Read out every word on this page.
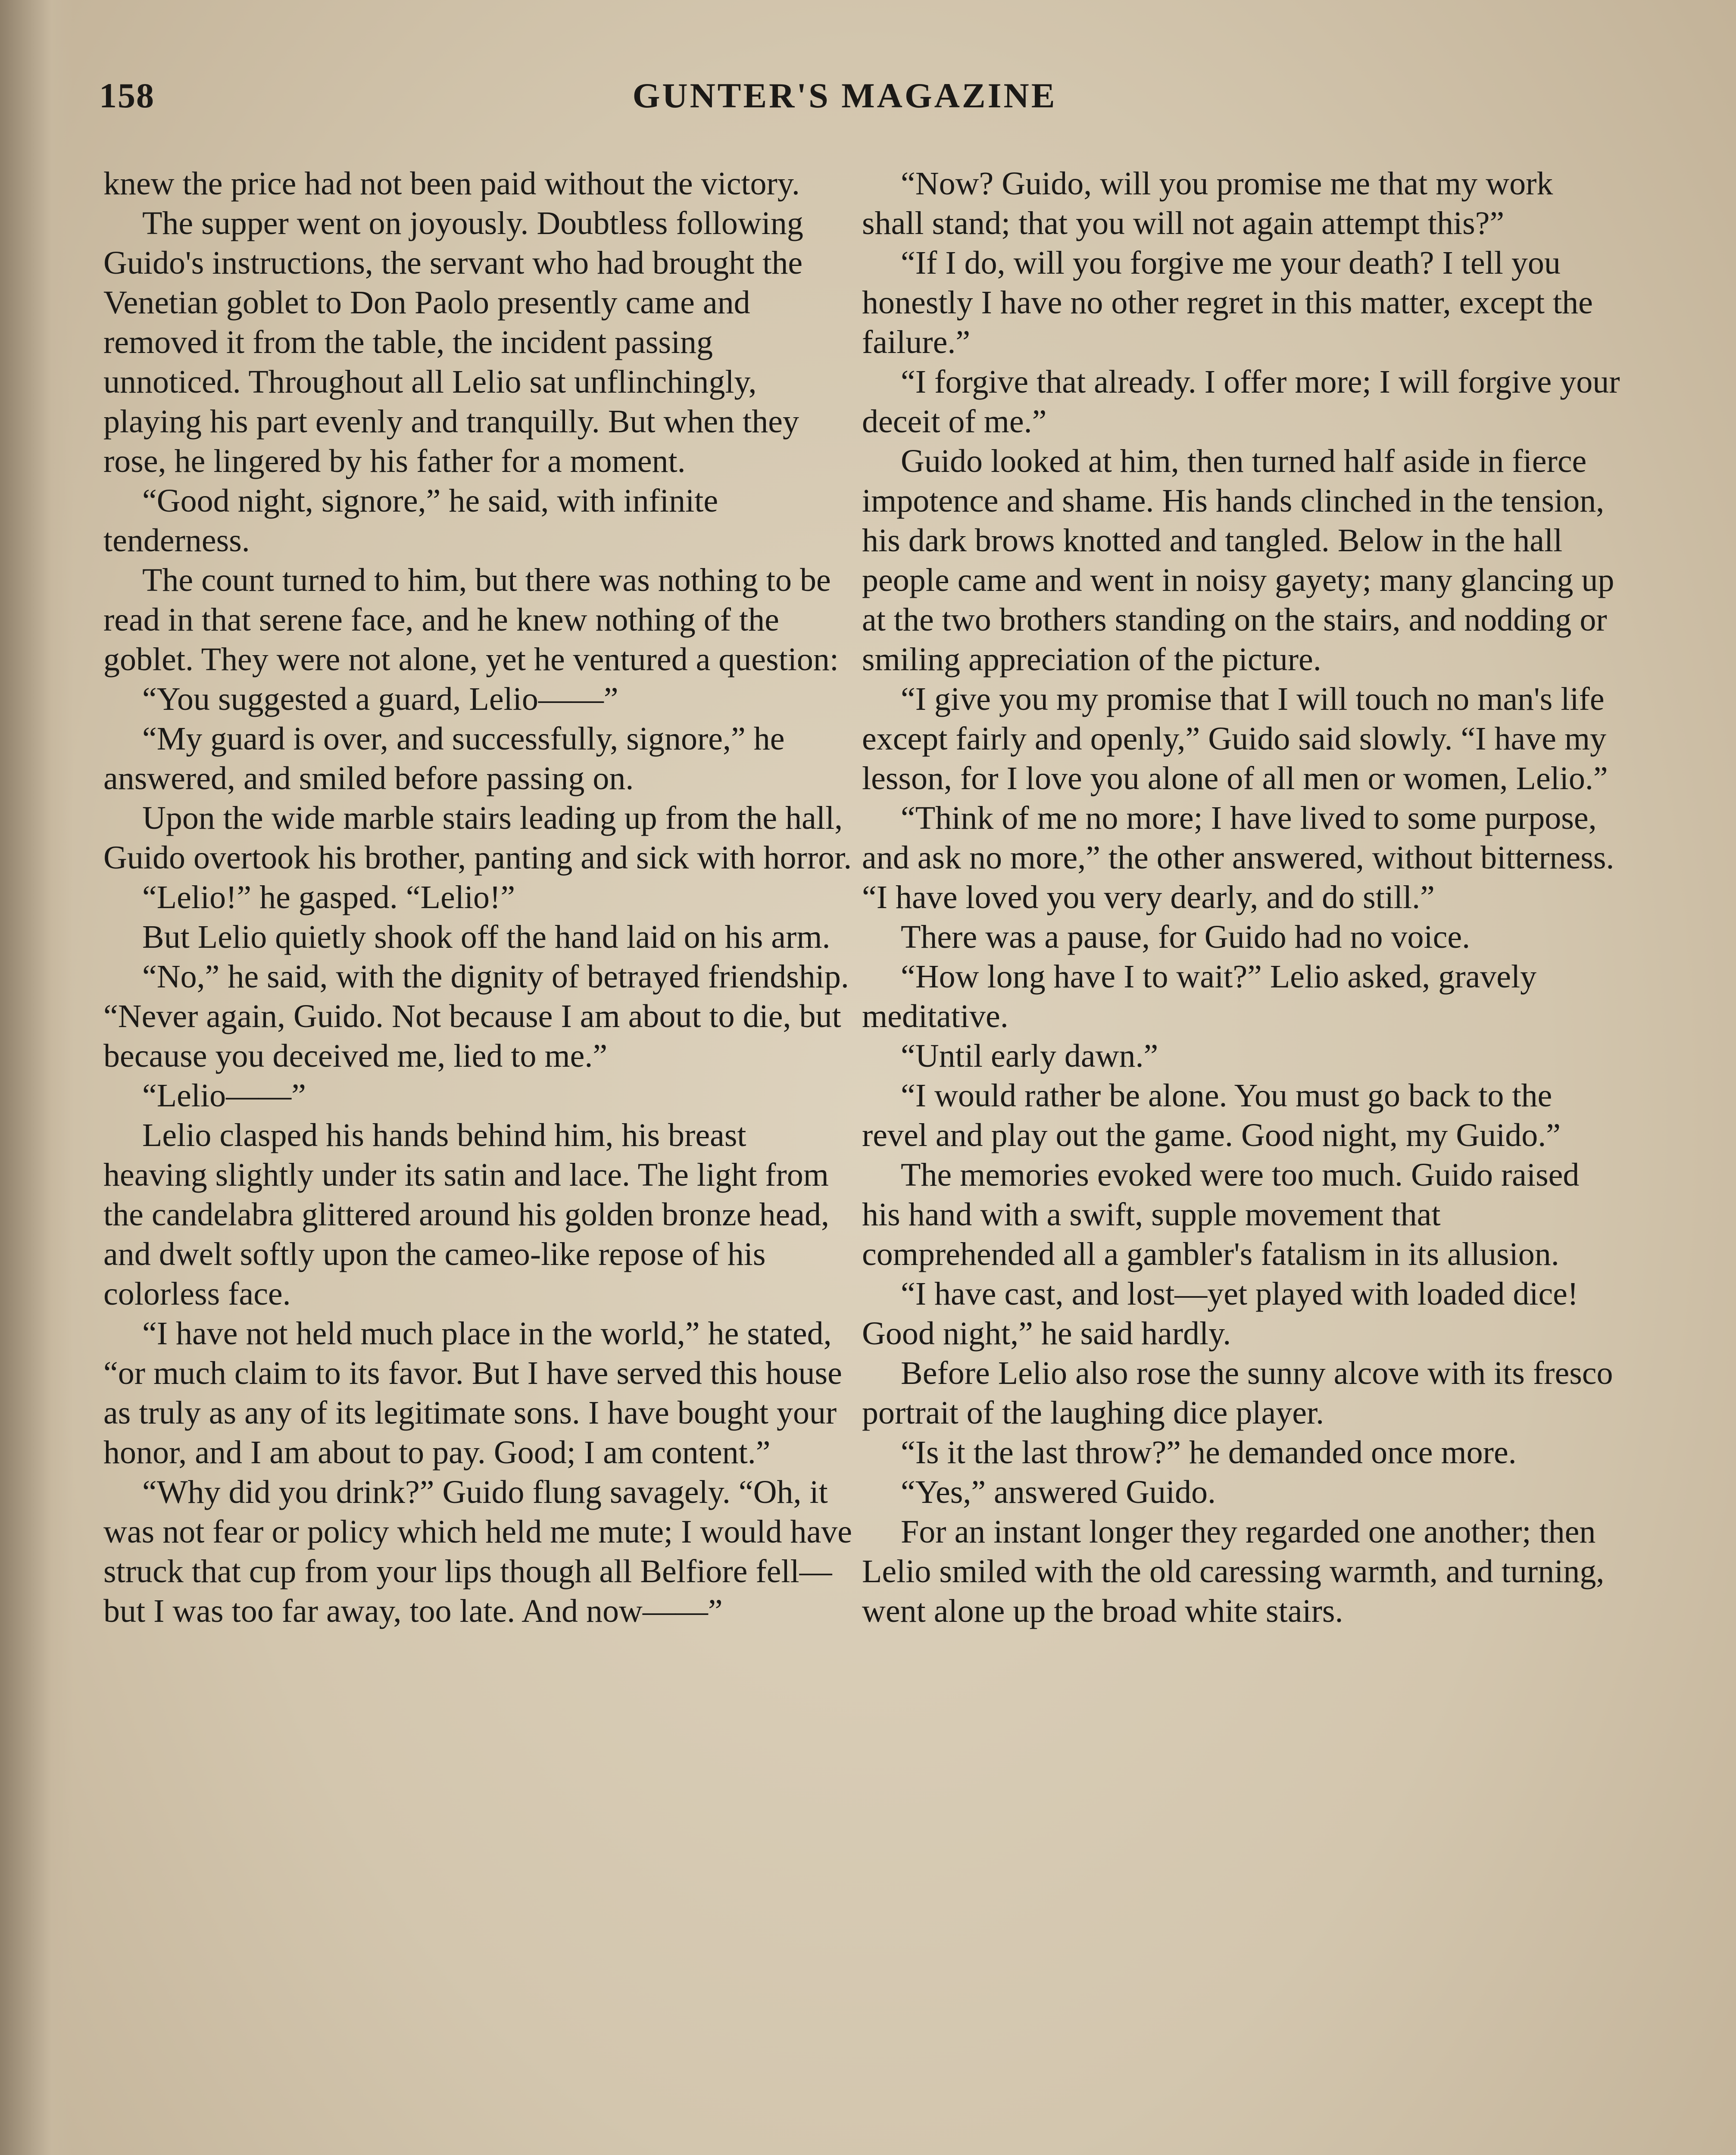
158	GUNTER'S MAGAZINE

knew the price had not been paid without the victory.

The supper went on joyously. Doubtless following Guido's instructions, the servant who had brought the Venetian goblet to Don Paolo presently came and removed it from the table, the incident passing unnoticed. Throughout all Lelio sat unflinchingly, playing his part evenly and tranquilly. But when they rose, he lingered by his father for a moment.

“Good night, signore,” he said, with infinite tenderness.

The count turned to him, but there was nothing to be read in that serene face, and he knew nothing of the goblet. They were not alone, yet he ventured a question:

“You suggested a guard, Lelio——”

“My guard is over, and successfully, signore,” he answered, and smiled before passing on.

Upon the wide marble stairs leading up from the hall, Guido overtook his brother, panting and sick with horror.

“Lelio!” he gasped. “Lelio!”

But Lelio quietly shook off the hand laid on his arm.

“No,” he said, with the dignity of betrayed friendship. “Never again, Guido. Not because I am about to die, but because you deceived me, lied to me.”

“Lelio——”

Lelio clasped his hands behind him, his breast heaving slightly under its satin and lace. The light from the candelabra glittered around his golden bronze head, and dwelt softly upon the cameo-like repose of his colorless face.

“I have not held much place in the world,” he stated, “or much claim to its favor. But I have served this house as truly as any of its legitimate sons. I have bought your honor, and I am about to pay. Good; I am content.”

“Why did you drink?” Guido flung savagely. “Oh, it was not fear or policy which held me mute; I would have struck that cup from your lips though all Belfiore fell—but I was too far away, too late. And now——”

“Now? Guido, will you promise me that my work shall stand; that you will not again attempt this?”

“If I do, will you forgive me your death? I tell you honestly I have no other regret in this matter, except the failure.”

“I forgive that already. I offer more; I will forgive your deceit of me.”

Guido looked at him, then turned half aside in fierce impotence and shame. His hands clinched in the tension, his dark brows knotted and tangled. Below in the hall people came and went in noisy gayety; many glancing up at the two brothers standing on the stairs, and nodding or smiling appreciation of the picture.

“I give you my promise that I will touch no man's life except fairly and openly,” Guido said slowly. “I have my lesson, for I love you alone of all men or women, Lelio.”

“Think of me no more; I have lived to some purpose, and ask no more,” the other answered, without bitterness. “I have loved you very dearly, and do still.”

There was a pause, for Guido had no voice.

“How long have I to wait?” Lelio asked, gravely meditative.

“Until early dawn.”

“I would rather be alone. You must go back to the revel and play out the game. Good night, my Guido.”

The memories evoked were too much. Guido raised his hand with a swift, supple movement that comprehended all a gambler's fatalism in its allusion.

“I have cast, and lost—yet played with loaded dice! Good night,” he said hardly.

Before Lelio also rose the sunny alcove with its fresco portrait of the laughing dice player.

“Is it the last throw?” he demanded once more.

“Yes,” answered Guido.

For an instant longer they regarded one another; then Lelio smiled with the old caressing warmth, and turning, went alone up the broad white stairs.
